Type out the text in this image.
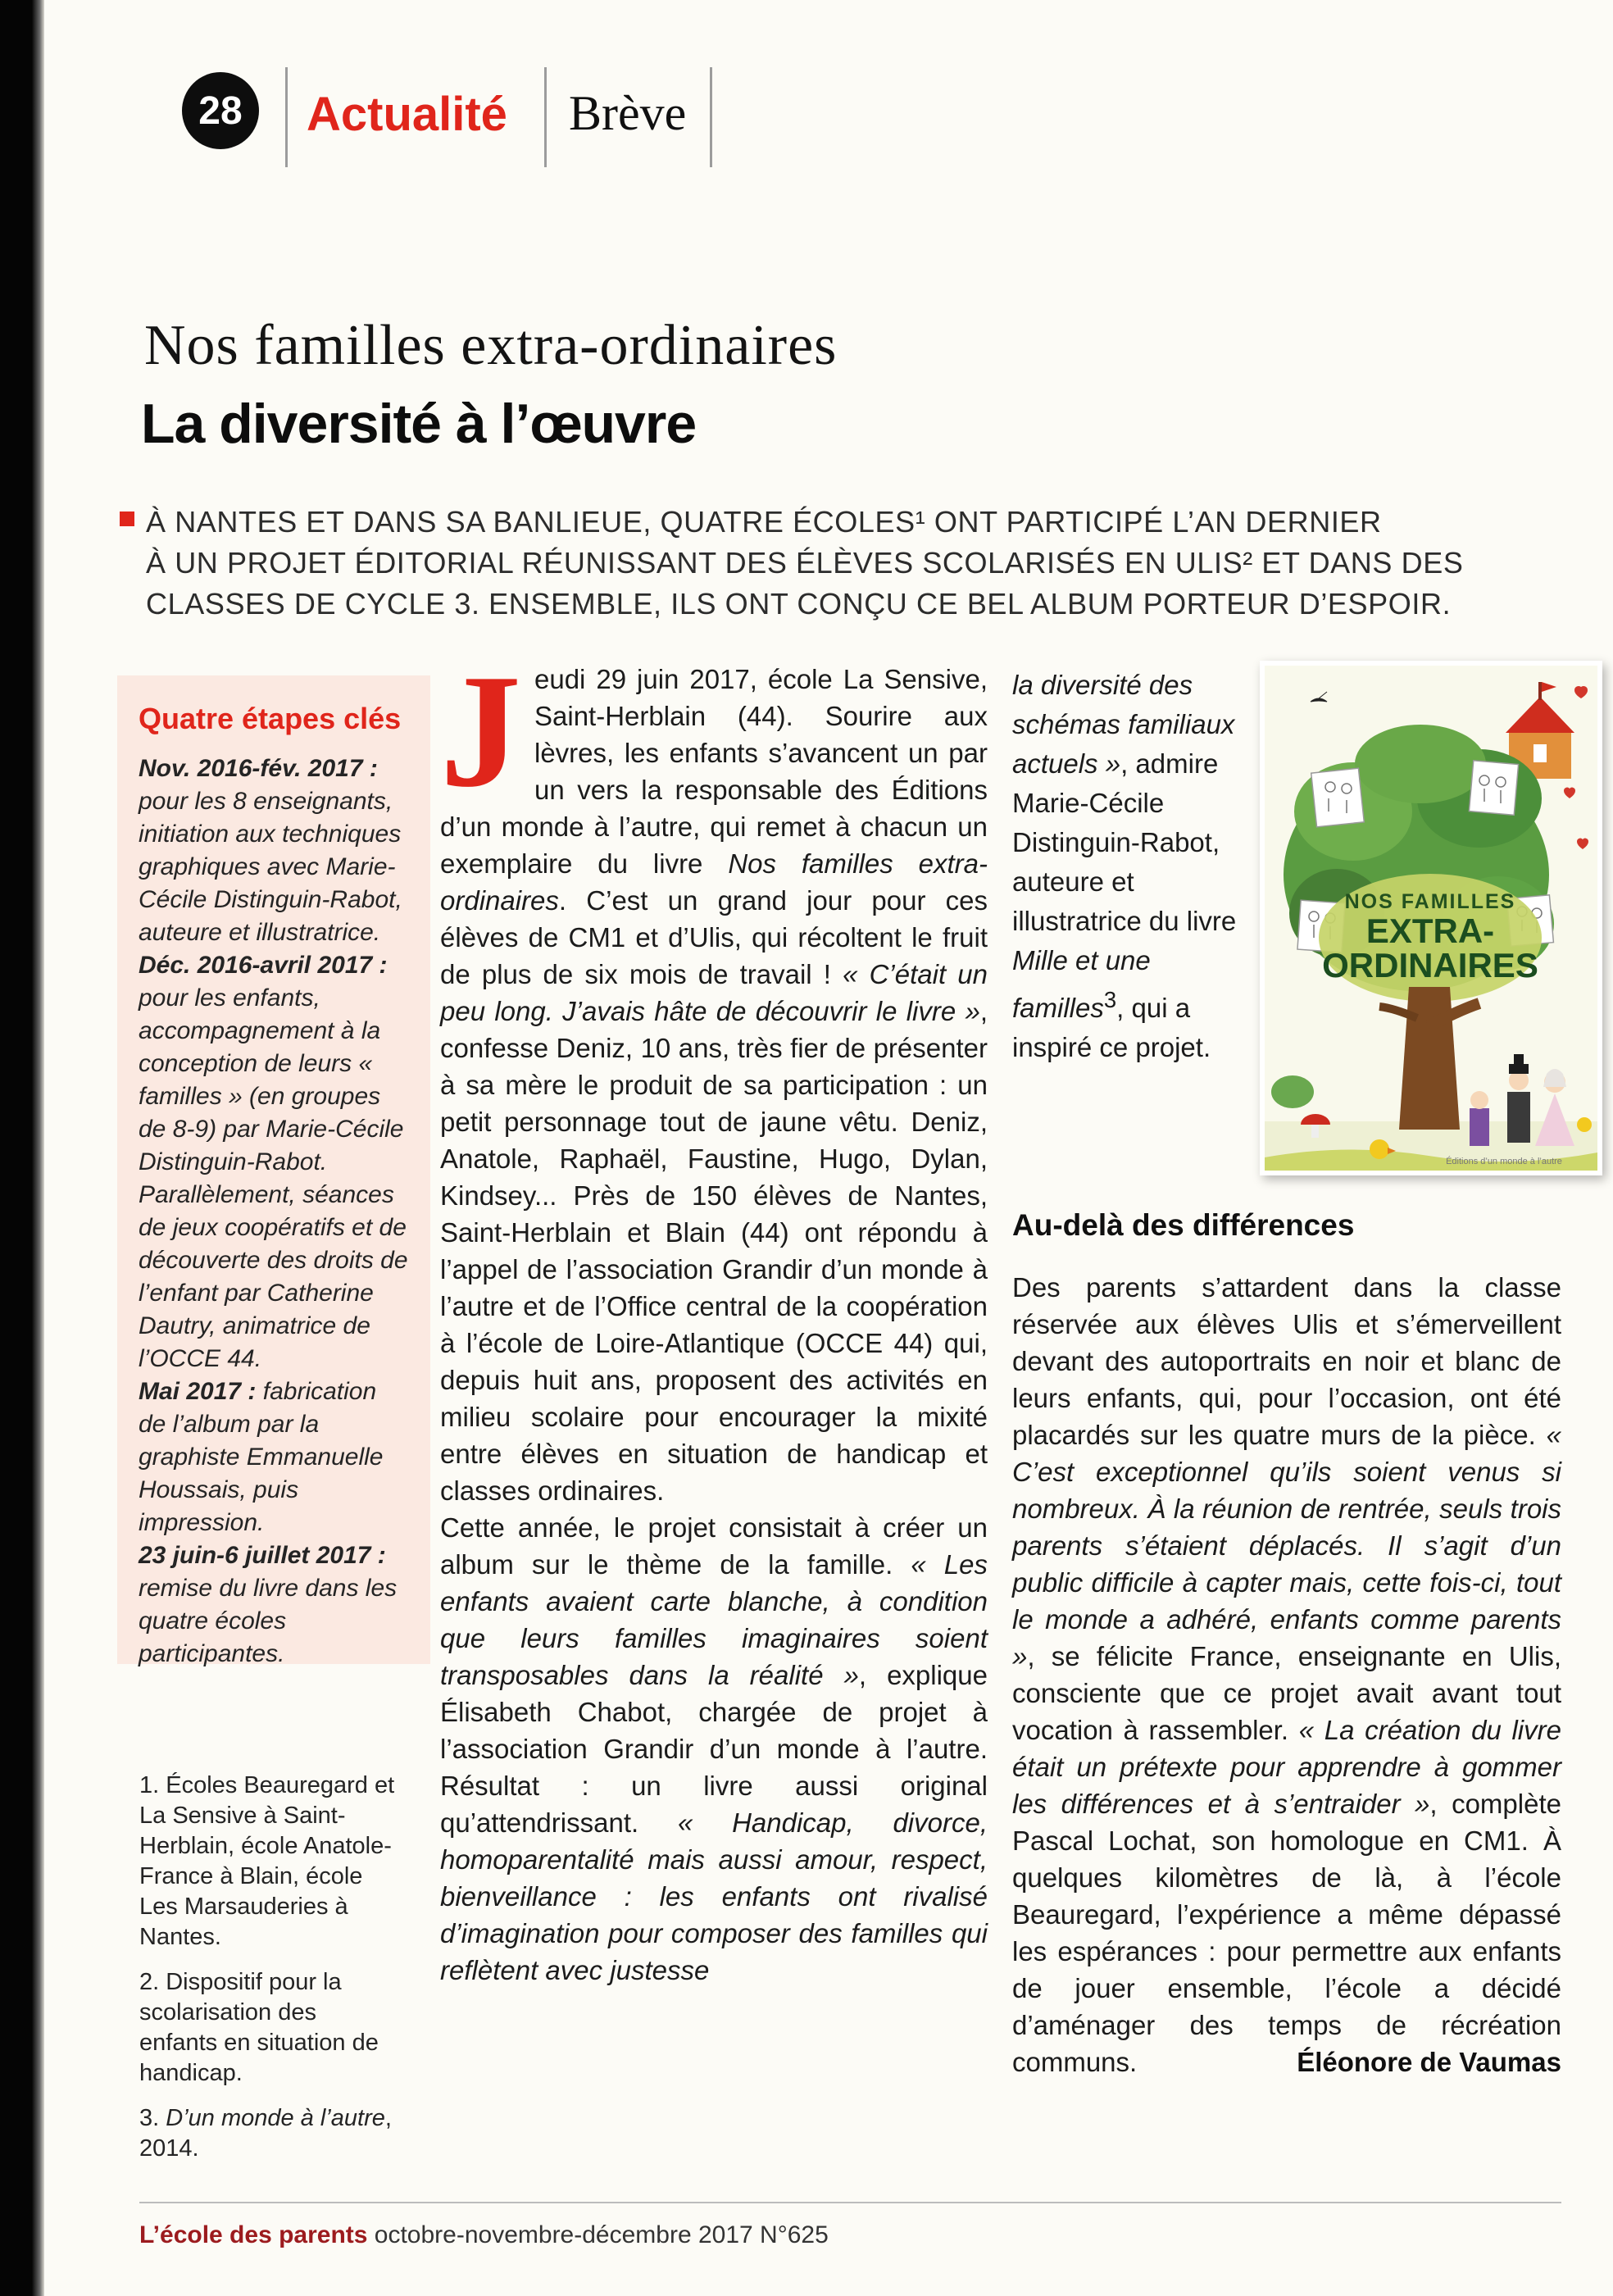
28 Actualité Brève
Nos familles extra-ordinaires
La diversité à l’œuvre
À NANTES ET DANS SA BANLIEUE, QUATRE ÉCOLES¹ ONT PARTICIPÉ L’AN DERNIER
À UN PROJET ÉDITORIAL RÉUNISSANT DES ÉLÈVES SCOLARISÉS EN ULIS² ET DANS DES
CLASSES DE CYCLE 3. ENSEMBLE, ILS ONT CONÇU CE BEL ALBUM PORTEUR D’ESPOIR.
Quatre étapes clés

Nov. 2016-fév. 2017 : pour les 8 enseignants, initiation aux techniques graphiques avec Marie-Cécile Distinguin-Rabot, auteure et illustratrice.

Déc. 2016-avril 2017 : pour les enfants, accompagnement à la conception de leurs « familles » (en groupes de 8-9) par Marie-Cécile Distinguin-Rabot. Parallèlement, séances de jeux coopératifs et de découverte des droits de l’enfant par Catherine Dautry, animatrice de l’OCCE 44.

Mai 2017 : fabrication de l’album par la graphiste Emmanuelle Houssais, puis impression.

23 juin-6 juillet 2017 : remise du livre dans les quatre écoles participantes.

1. Écoles Beauregard et La Sensive à Saint-Herblain, école Anatole-France à Blain, école Les Marsauderies à Nantes.

2. Dispositif pour la scolarisation des enfants en situation de handicap.

3. D’un monde à l’autre, 2014.

Jeudi 29 juin 2017, école La Sensive, Saint-Herblain (44). Sourire aux lèvres, les enfants s’avancent un par un vers la responsable des Éditions d’un monde à l’autre, qui remet à chacun un exemplaire du livre Nos familles extra-ordinaires. C’est un grand jour pour ces élèves de CM1 et d’Ulis, qui récoltent le fruit de plus de six mois de travail ! « C’était un peu long. J’avais hâte de découvrir le livre », confesse Deniz, 10 ans, très fier de présenter à sa mère le produit de sa participation : un petit personnage tout de jaune vêtu. Deniz, Anatole, Raphaël, Faustine, Hugo, Dylan, Kindsey... Près de 150 élèves de Nantes, Saint-Herblain et Blain (44) ont répondu à l’appel de l’association Grandir d’un monde à l’autre et de l’Office central de la coopération à l’école de Loire-Atlantique (OCCE 44) qui, depuis huit ans, proposent des activités en milieu scolaire pour encourager la mixité entre élèves en situation de handicap et classes ordinaires.

Cette année, le projet consistait à créer un album sur le thème de la famille. « Les enfants avaient carte blanche, à condition que leurs familles imaginaires soient transposables dans la réalité », explique Élisabeth Chabot, chargée de projet à l’association Grandir d’un monde à l’autre. Résultat : un livre aussi original qu’attendrissant. « Handicap, divorce, homoparentalité mais aussi amour, respect, bienveillance : les enfants ont rivalisé d’imagination pour composer des familles qui reflètent avec justesse

la diversité des schémas familiaux actuels », admire Marie-Cécile Distinguin-Rabot, auteure et illustratrice du livre Mille et une familles$^3$, qui a inspiré ce projet.
NOS FAMILLES
EXTRA-
ORDINAIRES
Éditions d’un monde à l’autre
Au-delà des différences

Des parents s’attardent dans la classe réservée aux élèves Ulis et s’émerveillent devant des autoportraits en noir et blanc de leurs enfants, qui, pour l’occasion, ont été placardés sur les quatre murs de la pièce. « C’est exceptionnel qu’ils soient venus si nombreux. À la réunion de rentrée, seuls trois parents s’étaient déplacés. Il s’agit d’un public difficile à capter mais, cette fois-ci, tout le monde a adhéré, enfants comme parents », se félicite France, enseignante en Ulis, consciente que ce projet avait avant tout vocation à rassembler. « La création du livre était un prétexte pour apprendre à gommer les différences et à s’entraider », complète Pascal Lochat, son homologue en CM1. À quelques kilomètres de là, à l’école Beauregard, l’expérience a même dépassé les espérances : pour permettre aux enfants de jouer ensemble, l’école a décidé d’aménager des temps de récréation communs.	Éléonore de Vaumas

L’école des parents octobre-novembre-décembre 2017 N°625
